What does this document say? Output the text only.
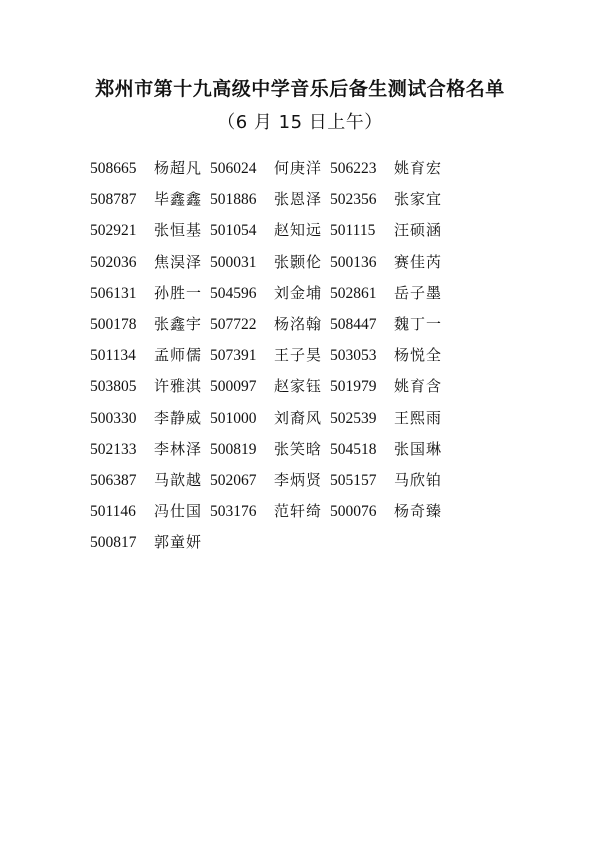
郑州市第十九高级中学音乐后备生测试合格名单
（6 月 15 日上午）
508665 杨超凡 506024 何庚洋 506223 姚育宏
508787 毕鑫鑫 501886 张恩泽 502356 张家宜
502921 张恒基 501054 赵知远 501115 汪硕涵
502036 焦淏泽 500031 张颢伦 500136 赛佳芮
506131 孙胜一 504596 刘金埔 502861 岳子墨
500178 张鑫宇 507722 杨洺翰 508447 魏丁一
501134 孟师儒 507391 王子昊 503053 杨悦全
503805 许雅淇 500097 赵家钰 501979 姚育含
500330 李静威 501000 刘裔风 502539 王熙雨
502133 李林泽 500819 张笑晗 504518 张国琳
506387 马歆越 502067 李炳贤 505157 马欣铂
501146 冯仕国 503176 范轩绮 500076 杨奇臻
500817 郭童妍
